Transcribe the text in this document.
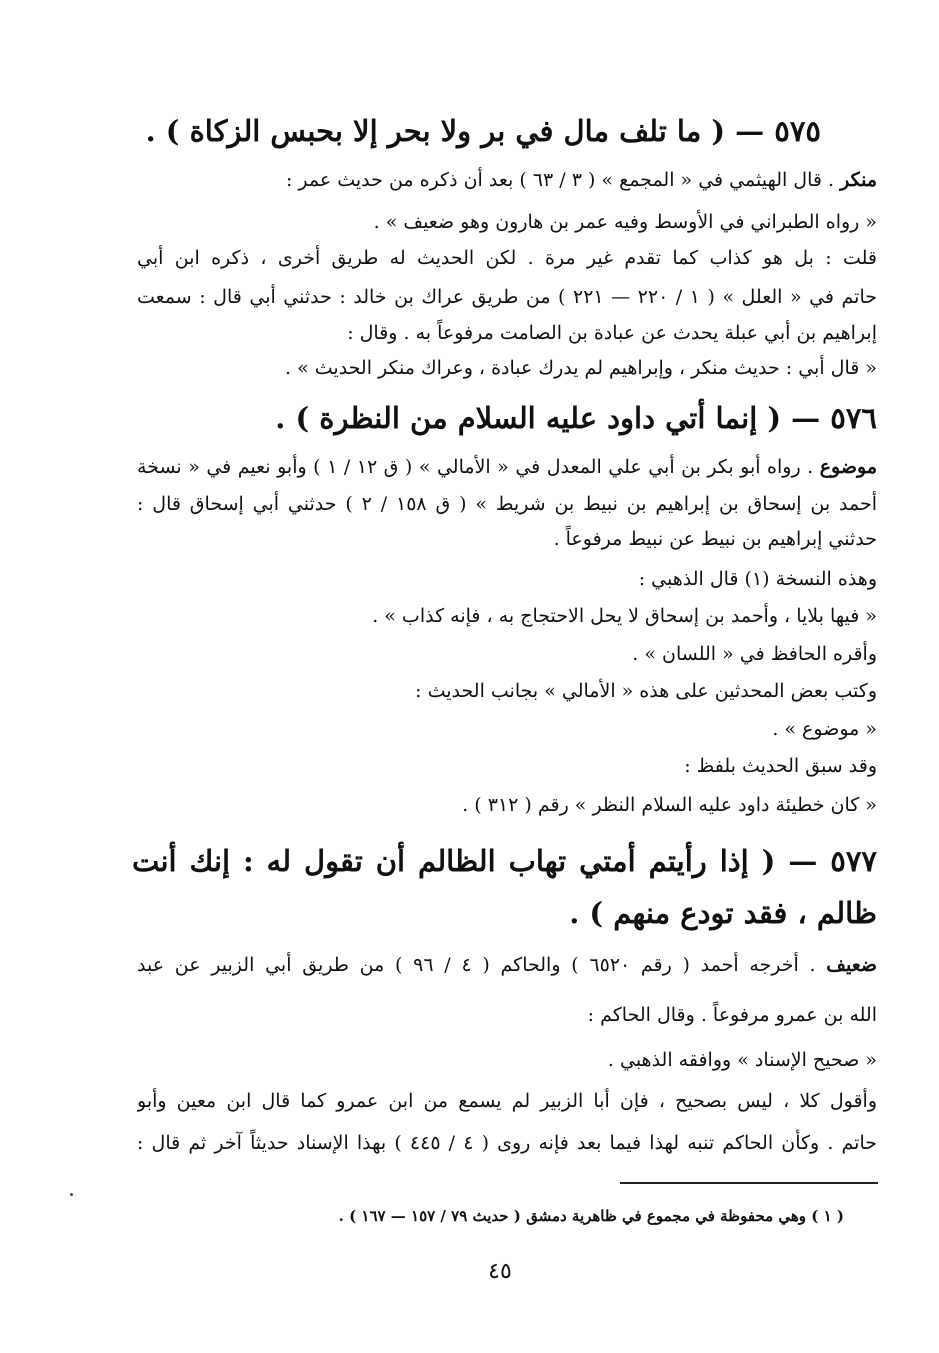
٥٧٥ — ( ما تلف مال في بر ولا بحر إلا بحبس الزكاة ) .
منكر . قال الهيثمي في « المجمع » ( ٣ / ٦٣ ) بعد أن ذكره من حديث عمر :
« رواه الطبراني في الأوسط وفيه عمر بن هارون وهو ضعيف » .
قلت : بل هو كذاب كما تقدم غير مرة . لكن الحديث له طريق أخرى ، ذكره ابن أبي
حاتم في « العلل » ( ١ / ٢٢٠ — ٢٢١ ) من طريق عراك بن خالد : حدثني أبي قال : سمعت
إبراهيم بن أبي عبلة يحدث عن عبادة بن الصامت مرفوعاً به . وقال :
« قال أبي : حديث منكر ، وإبراهيم لم يدرك عبادة ، وعراك منكر الحديث » .
٥٧٦ — ( إنما أتي داود عليه السلام من النظرة ) .
موضوع . رواه أبو بكر بن أبي علي المعدل في « الأمالي » ( ق ١٢ / ١ ) وأبو نعيم في « نسخة
أحمد بن إسحاق بن إبراهيم بن نبيط بن شريط » ( ق ١٥٨ / ٢ ) حدثني أبي إسحاق قال :
حدثني إبراهيم بن نبيط عن نبيط مرفوعاً .
وهذه النسخة (١) قال الذهبي :
« فيها بلايا ، وأحمد بن إسحاق لا يحل الاحتجاج به ، فإنه كذاب » .
وأقره الحافظ في « اللسان » .
وكتب بعض المحدثين على هذه « الأمالي » بجانب الحديث :
« موضوع » .
وقد سبق الحديث بلفظ :
« كان خطيئة داود عليه السلام النظر » رقم ( ٣١٢ ) .
٥٧٧ — ( إذا رأيتم أمتي تهاب الظالم أن تقول له : إنك أنت
ظالم ، فقد تودع منهم ) .
ضعيف . أخرجه أحمد ( رقم ٦٥٢٠ ) والحاكم ( ٤ / ٩٦ ) من طريق أبي الزبير عن عبد
الله بن عمرو مرفوعاً . وقال الحاكم :
« صحيح الإسناد » ووافقه الذهبي .
وأقول كلا ، ليس بصحيح ، فإن أبا الزبير لم يسمع من ابن عمرو كما قال ابن معين وأبو
حاتم . وكأن الحاكم تنبه لهذا فيما بعد فإنه روى ( ٤ / ٤٤٥ ) بهذا الإسناد حديثاً آخر ثم قال :
( ١ ) وهي محفوظة في مجموع في ظاهرية دمشق ( حديث ٧٩ / ١٥٧ — ١٦٧ ) .
٤٥
